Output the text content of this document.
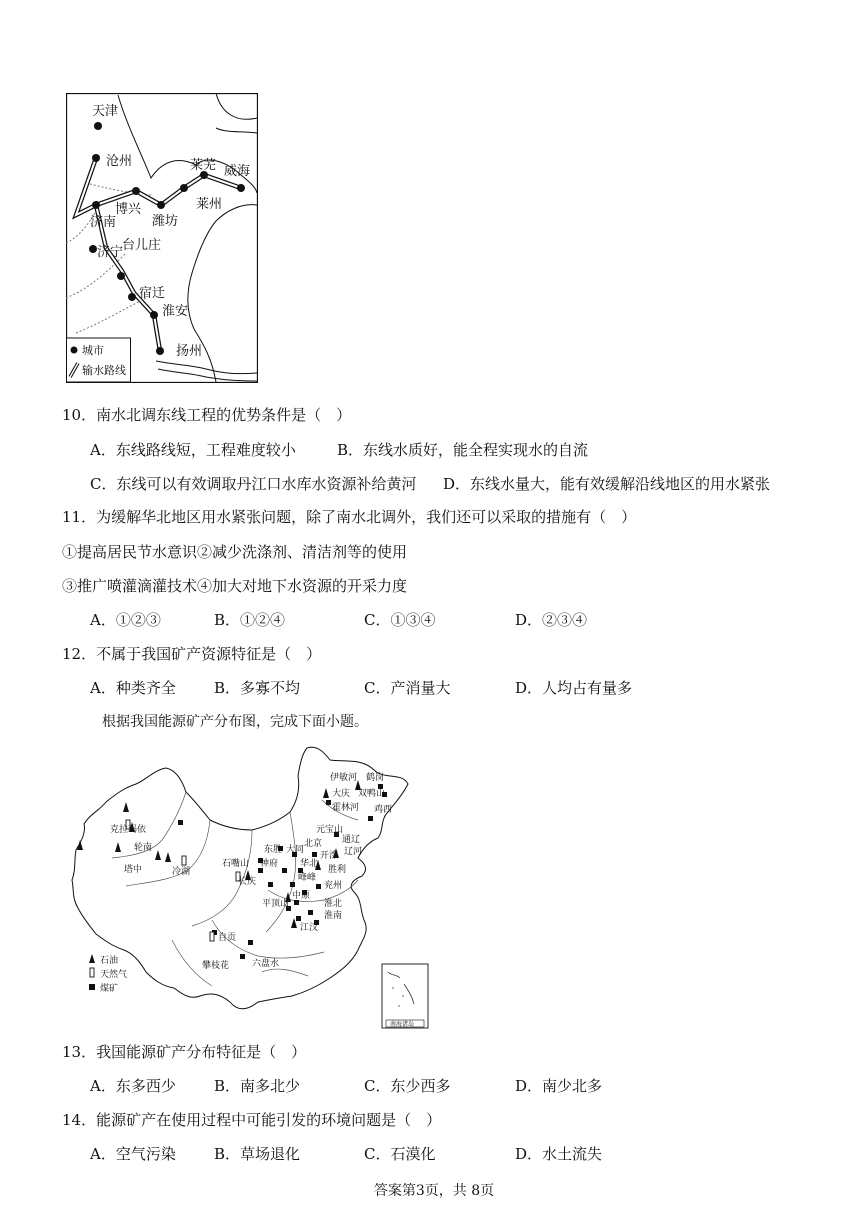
天津
沧州
济南
博兴
潍坊
莱芜
莱州
威海
济宁
台儿庄
宿迁
淮安
扬州
城市
输水路线
10．南水北调东线工程的优势条件是（　）
A．东线路线短，工程难度较小	B．东线水质好，能全程实现水的自流
C．东线可以有效调取丹江口水库水资源补给黄河 D．东线水量大，能有效缓解沿线地区的用水紧张
11．为缓解华北地区用水紧张问题，除了南水北调外，我们还可以采取的措施有（　）
①提高居民节水意识②减少洗涤剂、清洁剂等的使用
③推广喷灌滴灌技术④加大对地下水资源的开采力度
A．①②③	B．①②④	C．①③④	D．②③④
12．不属于我国矿产资源特征是（　）
A．种类齐全	B．多寡不均	C．产消量大	D．人均占有量多
根据我国能源矿产分布图，完成下面小题。
伊敏河 鹤岗
大庆 双鸭山
霍林河 鸡西
克拉玛依
轮南
塔中	冷湖
元宝山
通辽
辽河
东胜 大同
北京
开滦
胜利
石嘴山 神府
长庆
华北
峰峰
中原
兖州
平顶山	淮北
淮南
江汉
自贡
六盘水
攀枝花
石油
天然气
煤矿
南海诸岛
13．我国能源矿产分布特征是（　）
A．东多西少	B．南多北少	C．东少西多	D．南少北多
14．能源矿产在使用过程中可能引发的环境问题是（　）
A．空气污染	B．草场退化	C．石漠化	D．水土流失
答案第3页，共 8页
